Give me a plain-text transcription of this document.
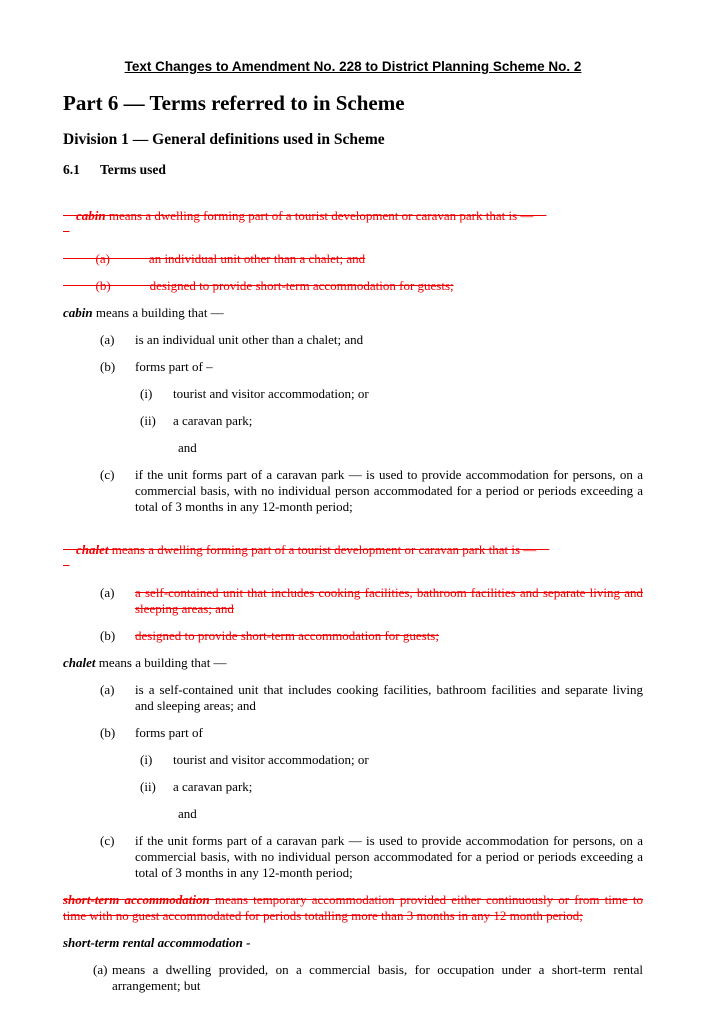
Text Changes to Amendment No. 228 to District Planning Scheme No. 2
Part 6 — Terms referred to in Scheme
Division 1 — General definitions used in Scheme
6.1	Terms used

cabin means a dwelling forming part of a tourist development or caravan park that is —

(a)            an individual unit other than a chalet; and
(b)            designed to provide short-term accommodation for guests;
cabin means a building that —
(a)	is an individual unit other than a chalet; and
(b)	forms part of –
(i)	tourist and visitor accommodation; or
(ii)	a caravan park;
and
(c)	if the unit forms part of a caravan park — is used to provide accommodation for persons, on a commercial basis, with no individual person accommodated for a period or periods exceeding a total of 3 months in any 12-month period;

chalet means a dwelling forming part of a tourist development or caravan park that is —

(a)	a self-contained unit that includes cooking facilities, bathroom facilities and separate living and sleeping areas; and
(b)	designed to provide short-term accommodation for guests;
chalet means a building that —
(a)	is a self-contained unit that includes cooking facilities, bathroom facilities and separate living and sleeping areas; and
(b)	forms part of
(i)	tourist and visitor accommodation; or
(ii)	a caravan park;
and
(c)	if the unit forms part of a caravan park — is used to provide accommodation for persons, on a commercial basis, with no individual person accommodated for a period or periods exceeding a total of 3 months in any 12-month period;
short-term accommodation means temporary accommodation provided either continuously or from time to time with no guest accommodated for periods totalling more than 3 months in any 12 month period;
short-term rental accommodation -
(a) means a dwelling provided, on a commercial basis, for occupation under a short-term rental arrangement; but
